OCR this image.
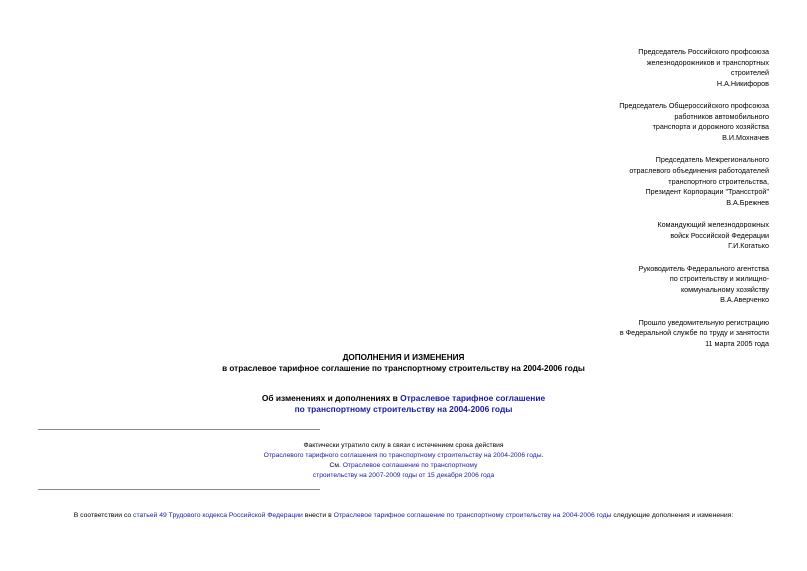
Председатель Российского профсоюза
железнодорожников и транспортных
строителей
Н.А.Никифоров
Председатель Общероссийского профсоюза
работников автомобильного
транспорта и дорожного хозяйства
В.И.Мохначев
Председатель Межрегионального
отраслевого объединения работодателей
транспортного строительства,
Президент Корпорации "Трансстрой"
В.А.Брежнев
Командующий железнодорожных
войск Российской Федерации
Г.И.Когатько
Руководитель Федерального агентства
по строительству и жилищно-
коммунальному хозяйству
В.А.Аверченко
Прошло уведомительную регистрацию
в Федеральной службе по труду и занятости
11 марта 2005 года
ДОПОЛНЕНИЯ И ИЗМЕНЕНИЯ
в отраслевое тарифное соглашение по транспортному строительству на 2004-2006 годы
Об изменениях и дополнениях в Отраслевое тарифное соглашение
по транспортному строительству на 2004-2006 годы
Фактически утратило силу в связи с истечением срока действия
Отраслевого тарифного соглашения по транспортному строительству на 2004-2006 годы.
См. Отраслевое соглашение по транспортному
строительству на 2007-2009 годы от 15 декабря 2006 года
В соответствии со статьей 49 Трудового кодекса Российской Федерации внести в Отраслевое тарифное соглашение по транспортному строительству на 2004-2006 годы следующие дополнения и изменения:
